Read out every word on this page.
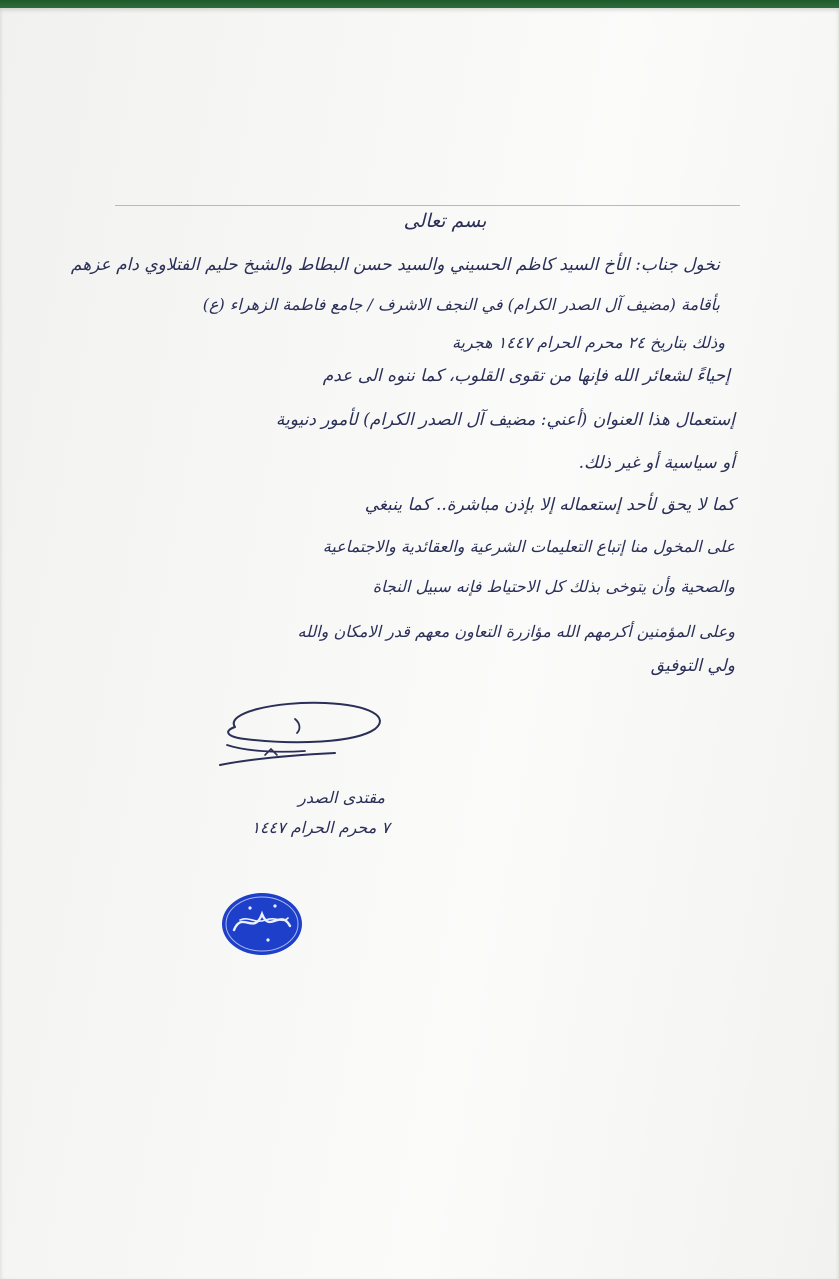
بسم تعالى
نخول جناب: الأخ السيد كاظم الحسيني والسيد حسن البطاط والشيخ حليم الفتلاوي دام عزهم
بأقامة (مضيف آل الصدر الكرام) في النجف الاشرف / جامع فاطمة الزهراء (ع)
وذلك بتاريخ ٢٤ محرم الحرام ١٤٤٧ هجرية
إحياءً لشعائر الله فإنها من تقوى القلوب، كما ننوه الى عدم
إستعمال هذا العنوان (أعني: مضيف آل الصدر الكرام) لأمور دنيوية
أو سياسية أو غير ذلك.
كما لا يحق لأحد إستعماله إلا بإذن مباشرة.. كما ينبغي
على المخول منا إتباع التعليمات الشرعية والعقائدية والاجتماعية
والصحية وأن يتوخى بذلك كل الاحتياط فإنه سبيل النجاة
وعلى المؤمنين أكرمهم الله مؤازرة التعاون معهم قدر الامكان والله
ولي التوفيق
مقتدى الصدر
٧ محرم الحرام ١٤٤٧
